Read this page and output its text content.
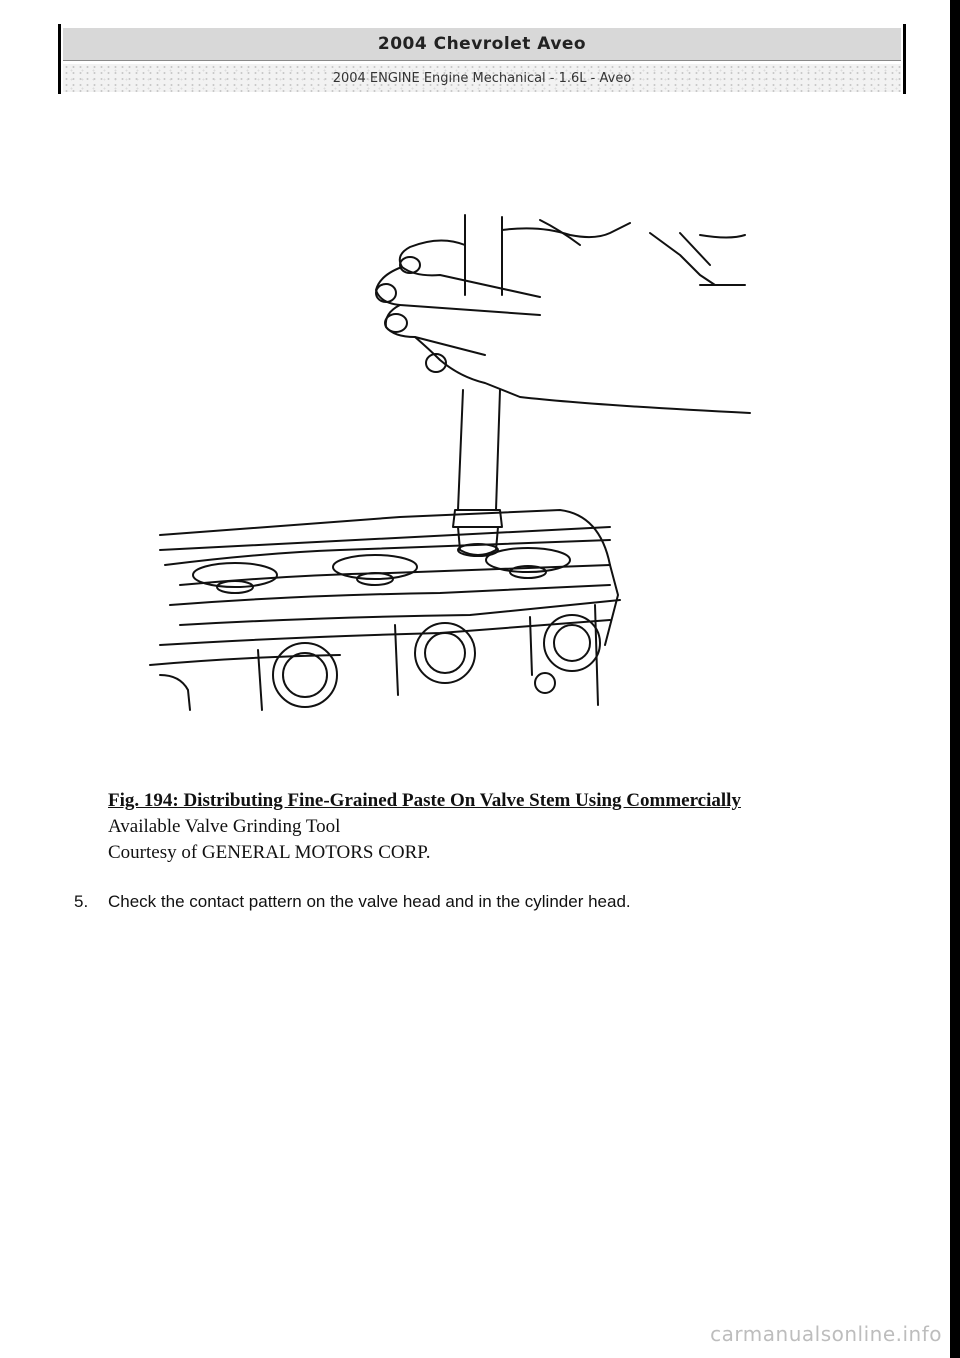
2004 Chevrolet Aveo
2004 ENGINE Engine Mechanical - 1.6L - Aveo
Fig. 194: Distributing Fine-Grained Paste On Valve Stem Using Commercially
Available Valve Grinding Tool
Courtesy of GENERAL MOTORS CORP.
5.	Check the contact pattern on the valve head and in the cylinder head.
carmanualsonline.info
